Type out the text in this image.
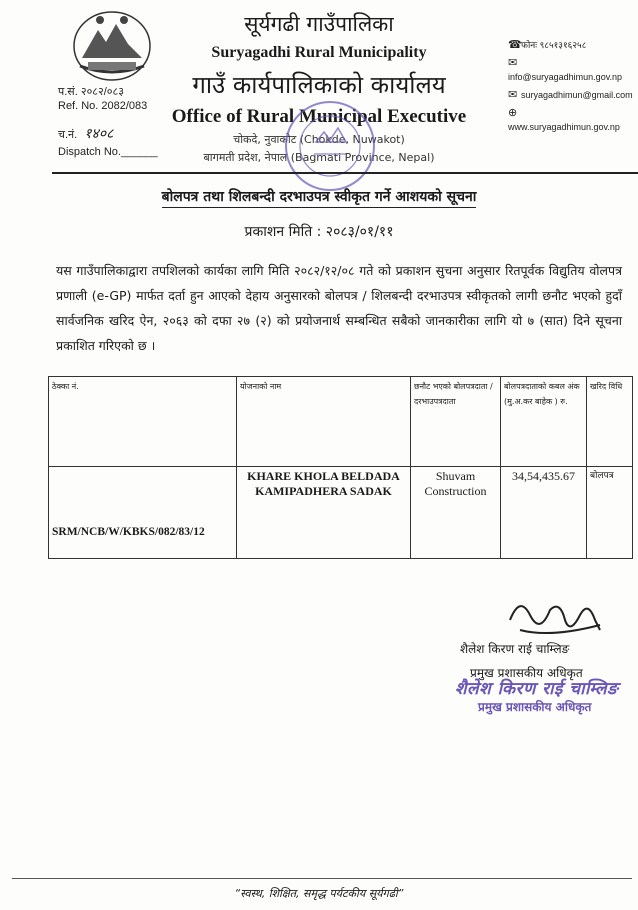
सूर्यगढी गाउँपालिका
Suryagadhi Rural Municipality
गाउँ कार्यपालिकाको कार्यालय
Office of Rural Municipal Executive
चोकदे, नुवाकोट (Chokde, Nuwakot)
बागमती प्रदेश, नेपाल (Bagmati Province, Nepal)
प.सं. २०८२/०८३
Ref. No. 2082/083
च.नं. १४०८
Dispatch No.______
☎फोनः ९८५१३१६२५८
✉
info@suryagadhimun.gov.np
✉ suryagadhimun@gmail.com
⊕
www.suryagadhimun.gov.np
बोलपत्र तथा शिलबन्दी दरभाउपत्र स्वीकृत गर्ने आशयको सूचना
प्रकाशन मिति : २०८३/०१/११
यस गाउँपालिकाद्वारा तपशिलको कार्यका लागि मिति २०८२/१२/०८ गते को प्रकाशन सुचना अनुसार रितपूर्वक विद्युतिय वोलपत्र प्रणाली (e-GP) मार्फत दर्ता हुन आएको देहाय अनुसारको बोलपत्र / शिलबन्दी दरभाउपत्र स्वीकृतको लागी छनौट भएको हुदाँ सार्वजनिक खरिद ऐन, २०६३ को दफा २७ (२) को प्रयोजनार्थ सम्बन्धित सबैको जानकारीका लागि यो ७ (सात) दिने सूचना प्रकाशित गरिएको छ ।
ठेक्का नं.	योजनाको नाम	छनौट भएको बोलपत्रदाता / दरभाउपत्रदाता	बोलपत्रदाताको कबल अंक (मु.अ.कर बाहेक ) रु.	खरिद विधि
SRM/NCB/W/KBKS/082/83/12	KHARE KHOLA BELDADA KAMIPADHERA SADAK	Shuvam Construction	34,54,435.67	बोलपत्र
शैलेश किरण राई चाम्लिङ
प्रमुख प्रशासकीय अधिकृत
शैलेश किरण राई चाम्लिङ
प्रमुख प्रशासकीय अधिकृत
“स्वस्थ, शिक्षित, समृद्ध पर्यटकीय सूर्यगढी”
